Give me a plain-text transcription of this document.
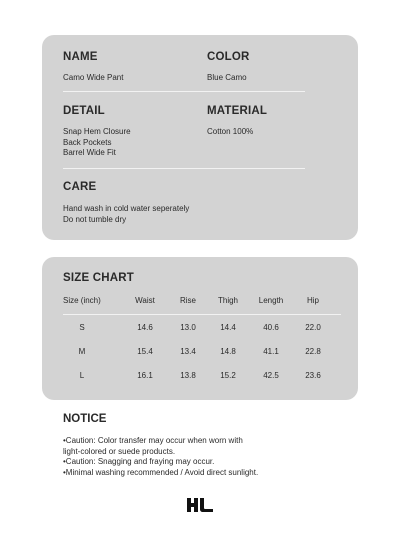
NAME
Camo Wide Pant
COLOR
Blue Camo
DETAIL
Snap Hem Closure
Back Pockets
Barrel Wide Fit
MATERIAL
Cotton 100%
CARE
Hand wash in cold water seperately
Do not tumble dry
SIZE CHART
Size (inch)	Waist	Rise	Thigh	Length	Hip
S	14.6	13.0	14.4	40.6	22.0
M	15.4	13.4	14.8	41.1	22.8
L	16.1	13.8	15.2	42.5	23.6
NOTICE
•Caution: Color transfer may occur when worn with
light-colored or suede products.
•Caution: Snagging and fraying may occur.
•Minimal washing recommended / Avoid direct sunlight.
